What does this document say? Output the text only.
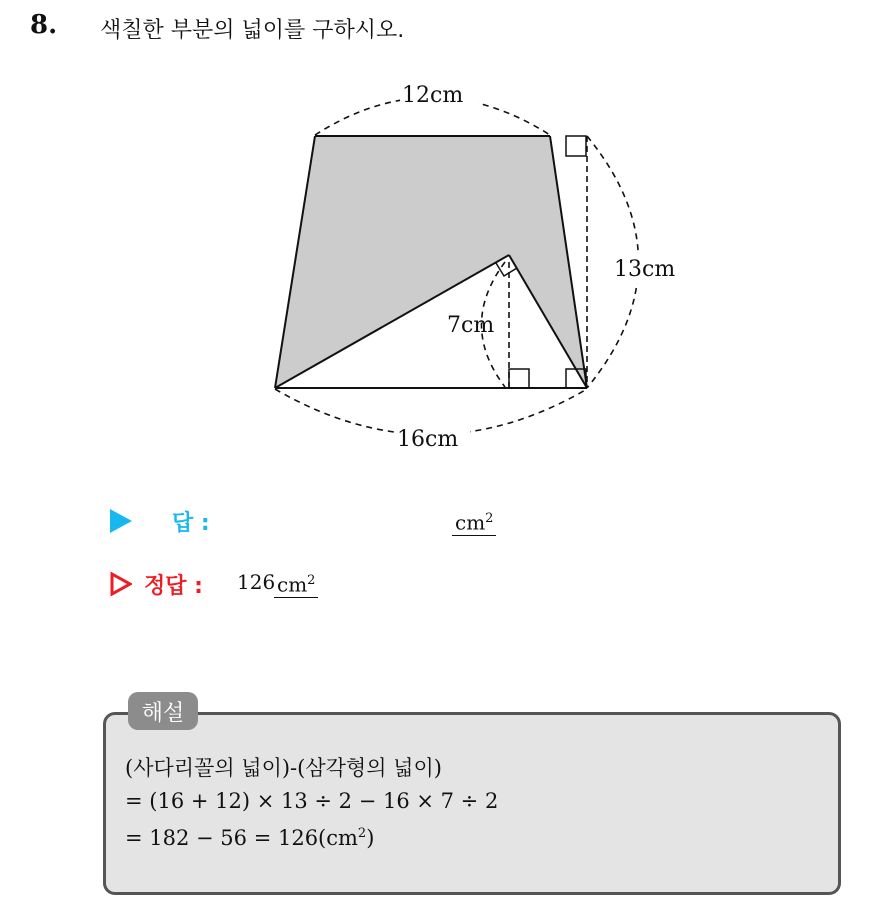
8. 색칠한 부분의 넓이를 구하시오.
12cm
13cm
7cm
16cm
답 :	$cm^2$
정답 : 126 $cm^2$
해설
(사다리꼴의 넓이)-(삼각형의 넓이)
= (16 + 12) × 13 ÷ 2 − 16 × 7 ÷ 2
= $182 - 56 = 126(cm^2)$
